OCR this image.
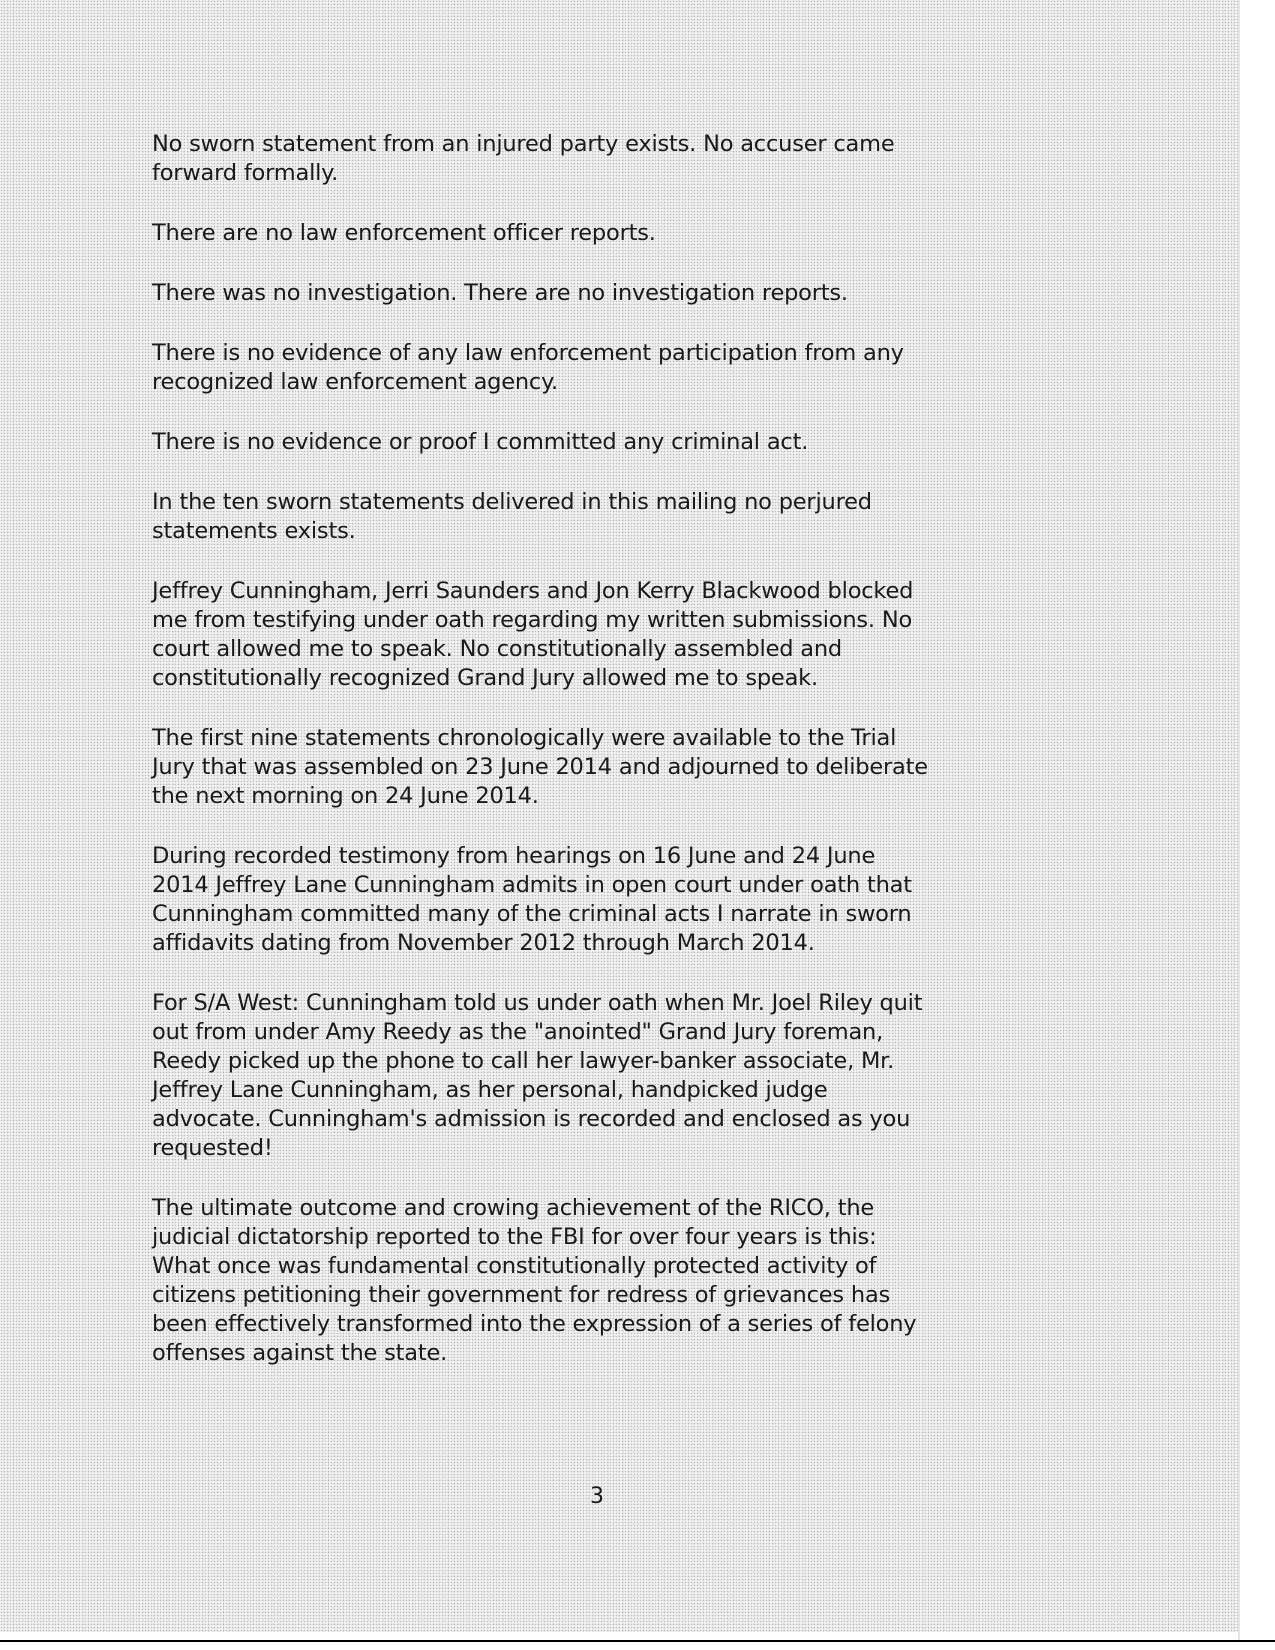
No sworn statement from an injured party exists. No accuser came
forward formally.

There are no law enforcement officer reports.

There was no investigation. There are no investigation reports.

There is no evidence of any law enforcement participation from any
recognized law enforcement agency.

There is no evidence or proof I committed any criminal act.

In the ten sworn statements delivered in this mailing no perjured
statements exists.

Jeffrey Cunningham, Jerri Saunders and Jon Kerry Blackwood blocked
me from testifying under oath regarding my written submissions. No
court allowed me to speak. No constitutionally assembled and
constitutionally recognized Grand Jury allowed me to speak.

The first nine statements chronologically were available to the Trial
Jury that was assembled on 23 June 2014 and adjourned to deliberate
the next morning on 24 June 2014.

During recorded testimony from hearings on 16 June and 24 June
2014 Jeffrey Lane Cunningham admits in open court under oath that
Cunningham committed many of the criminal acts I narrate in sworn
affidavits dating from November 2012 through March 2014.

For S/A West: Cunningham told us under oath when Mr. Joel Riley quit
out from under Amy Reedy as the "anointed" Grand Jury foreman,
Reedy picked up the phone to call her lawyer-banker associate, Mr.
Jeffrey Lane Cunningham, as her personal, handpicked judge
advocate. Cunningham's admission is recorded and enclosed as you
requested!

The ultimate outcome and crowing achievement of the RICO, the
judicial dictatorship reported to the FBI for over four years is this:
What once was fundamental constitutionally protected activity of
citizens petitioning their government for redress of grievances has
been effectively transformed into the expression of a series of felony
offenses against the state.

3
